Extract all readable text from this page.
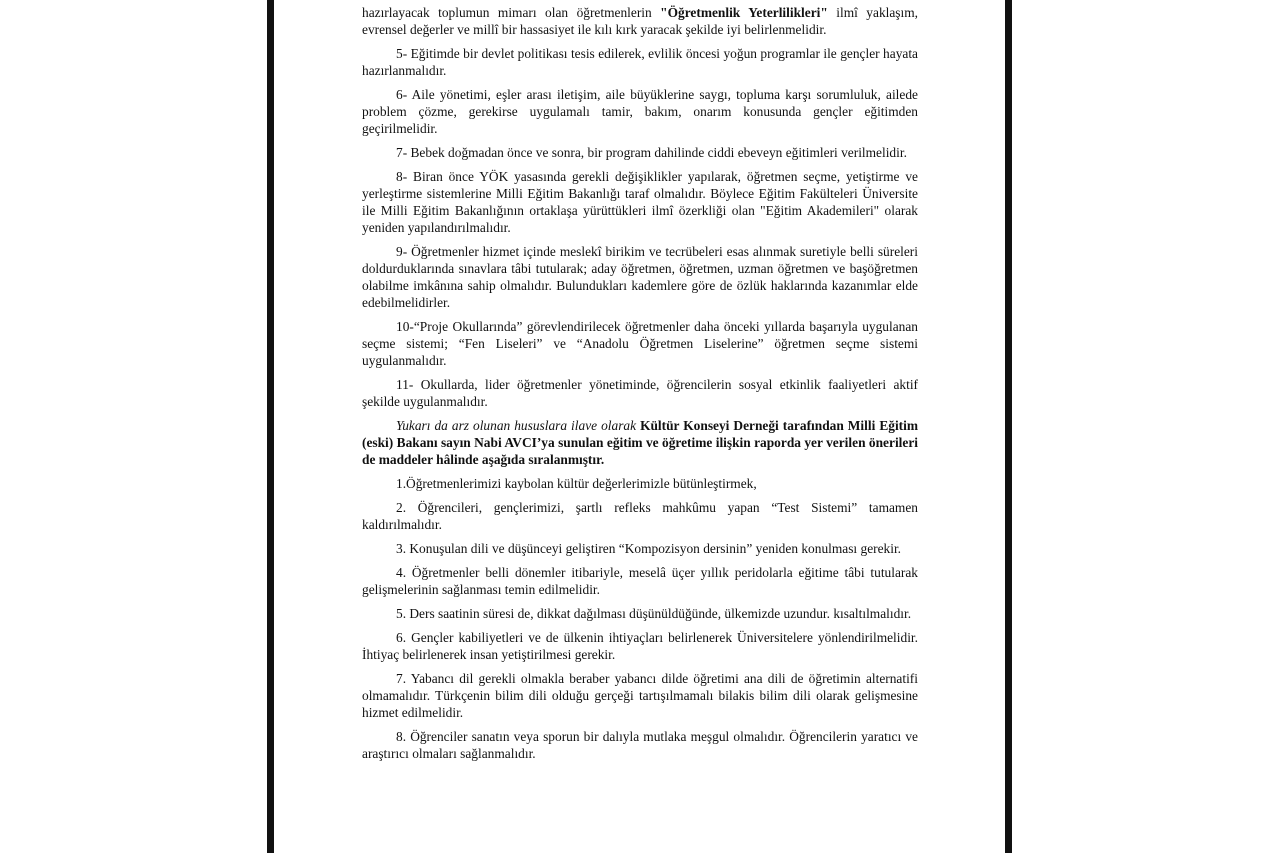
hazırlayacak toplumun mimarı olan öğretmenlerin "Öğretmenlik Yeterlilikleri" ilmî yaklaşım, evrensel değerler ve millî bir hassasiyet ile kılı kırk yaracak şekilde iyi belirlenmelidir.

5- Eğitimde bir devlet politikası tesis edilerek, evlilik öncesi yoğun programlar ile gençler hayata hazırlanmalıdır.

6- Aile yönetimi, eşler arası iletişim, aile büyüklerine saygı, topluma karşı sorumluluk, ailede problem çözme, gerekirse uygulamalı tamir, bakım, onarım konusunda gençler eğitimden geçirilmelidir.

7- Bebek doğmadan önce ve sonra, bir program dahilinde ciddi ebeveyn eğitimleri verilmelidir.

8- Biran önce YÖK yasasında gerekli değişiklikler yapılarak, öğretmen seçme, yetiştirme ve yerleştirme sistemlerine Milli Eğitim Bakanlığı taraf olmalıdır. Böylece Eğitim Fakülteleri Üniversite ile Milli Eğitim Bakanlığının ortaklaşa yürüttükleri ilmî özerkliği olan "Eğitim Akademileri" olarak yeniden yapılandırılmalıdır.

9- Öğretmenler hizmet içinde meslekî birikim ve tecrübeleri esas alınmak suretiyle belli süreleri doldurduklarında sınavlara tâbi tutularak; aday öğretmen, öğretmen, uzman öğretmen ve başöğretmen olabilme imkânına sahip olmalıdır. Bulundukları kademlere göre de özlük haklarında kazanımlar elde edebilmelidirler.

10-“Proje Okullarında” görevlendirilecek öğretmenler daha önceki yıllarda başarıyla uygulanan seçme sistemi; “Fen Liseleri” ve “Anadolu Öğretmen Liselerine” öğretmen seçme sistemi uygulanmalıdır.

11- Okullarda, lider öğretmenler yönetiminde, öğrencilerin sosyal etkinlik faaliyetleri aktif şekilde uygulanmalıdır.

Yukarı da arz olunan hususlara ilave olarak Kültür Konseyi Derneği tarafından Milli Eğitim (eski) Bakanı sayın Nabi AVCI’ya sunulan eğitim ve öğretime ilişkin raporda yer verilen önerileri de maddeler hâlinde aşağıda sıralanmıştır.

1.Öğretmenlerimizi kaybolan kültür değerlerimizle bütünleştirmek,

2. Öğrencileri, gençlerimizi, şartlı refleks mahkûmu yapan “Test Sistemi” tamamen kaldırılmalıdır.

3. Konuşulan dili ve düşünceyi geliştiren “Kompozisyon dersinin” yeniden konulması gerekir.

4. Öğretmenler belli dönemler itibariyle, meselâ üçer yıllık peridolarla eğitime tâbi tutularak gelişmelerinin sağlanması temin edilmelidir.

5. Ders saatinin süresi de, dikkat dağılması düşünüldüğünde, ülkemizde uzundur. kısaltılmalıdır.

6. Gençler kabiliyetleri ve de ülkenin ihtiyaçları belirlenerek Üniversitelere yönlendirilmelidir. İhtiyaç belirlenerek insan yetiştirilmesi gerekir.

7. Yabancı dil gerekli olmakla beraber yabancı dilde öğretimi ana dili de öğretimin alternatifi olmamalıdır. Türkçenin bilim dili olduğu gerçeği tartışılmamalı bilakis bilim dili olarak gelişmesine hizmet edilmelidir.

8. Öğrenciler sanatın veya sporun bir dalıyla mutlaka meşgul olmalıdır. Öğrencilerin yaratıcı ve araştırıcı olmaları sağlanmalıdır.
